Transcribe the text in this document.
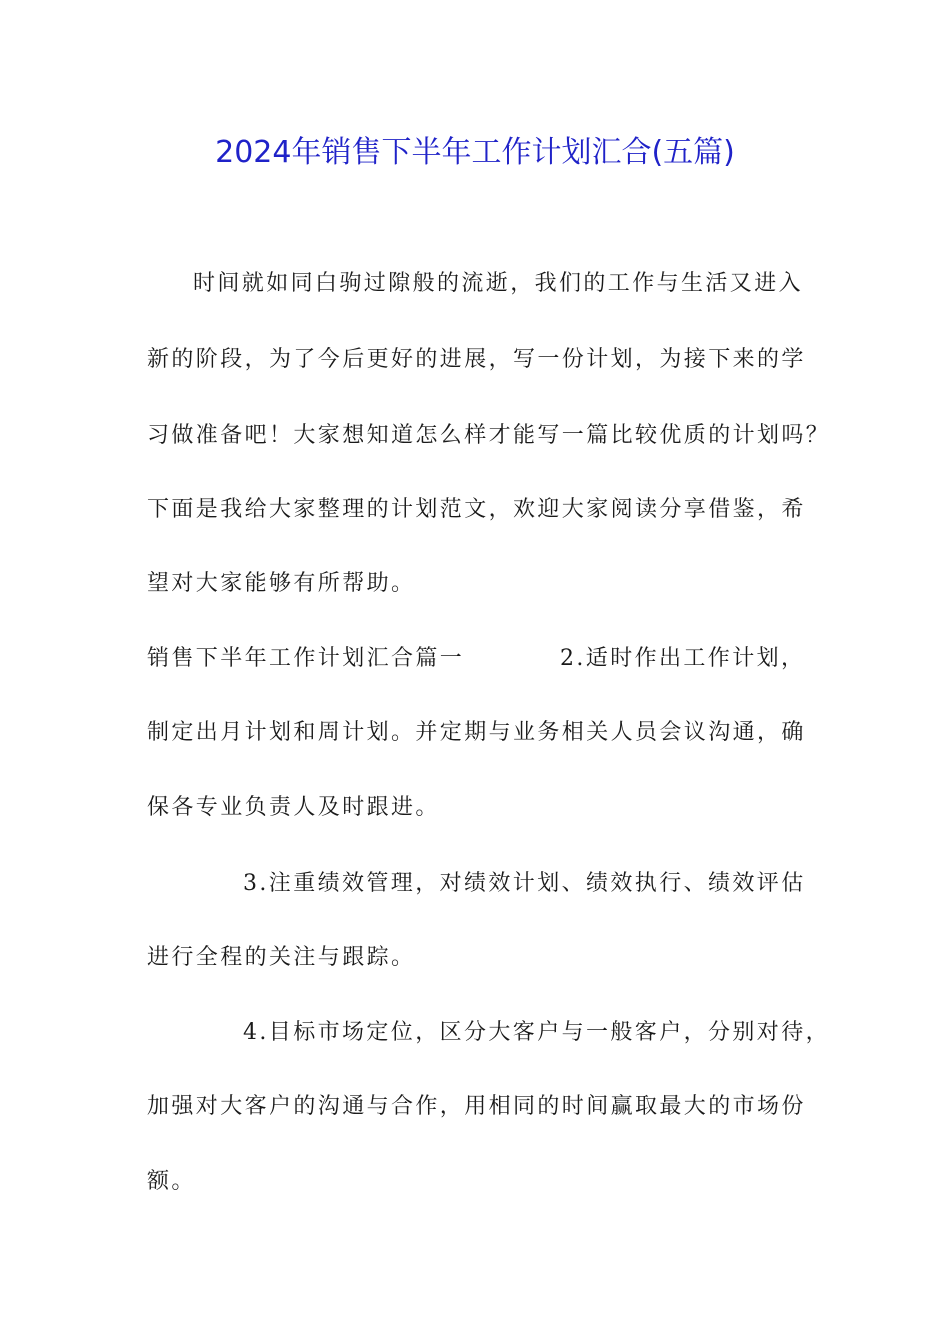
2024年销售下半年工作计划汇合(五篇)
时间就如同白驹过隙般的流逝，我们的工作与生活又进入
新的阶段，为了今后更好的进展，写一份计划，为接下来的学
习做准备吧！大家想知道怎么样才能写一篇比较优质的计划吗？
下面是我给大家整理的计划范文，欢迎大家阅读分享借鉴，希
望对大家能够有所帮助。
销售下半年工作计划汇合篇一	2.适时作出工作计划，
制定出月计划和周计划。并定期与业务相关人员会议沟通，确
保各专业负责人及时跟进。
3.注重绩效管理，对绩效计划、绩效执行、绩效评估
进行全程的关注与跟踪。
4.目标市场定位，区分大客户与一般客户，分别对待，
加强对大客户的沟通与合作，用相同的时间赢取最大的市场份
额。
